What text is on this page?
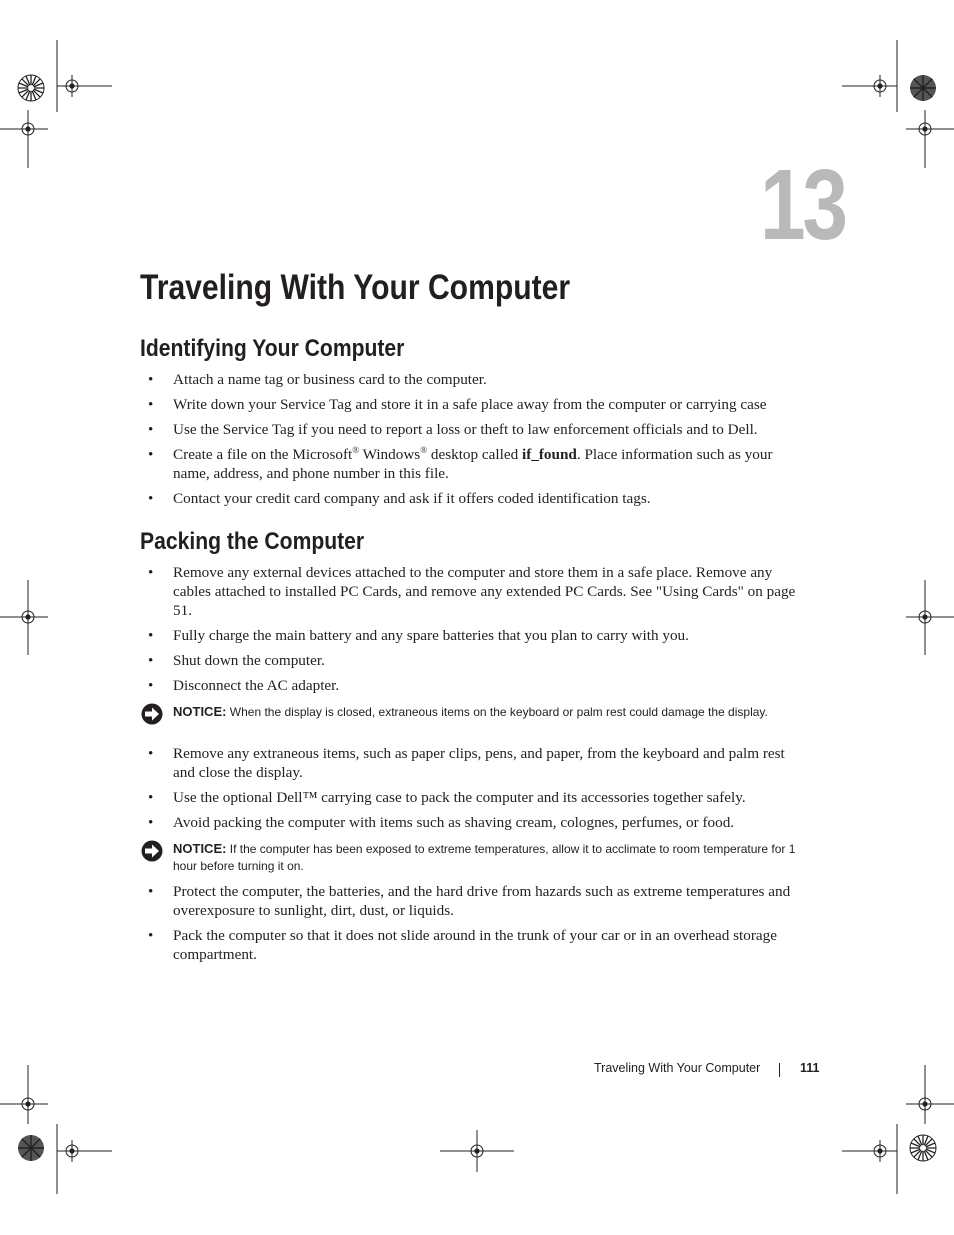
13
Traveling With Your Computer
Identifying Your Computer
• Attach a name tag or business card to the computer.
• Write down your Service Tag and store it in a safe place away from the computer or carrying case
• Use the Service Tag if you need to report a loss or theft to law enforcement officials and to Dell.
• Create a file on the Microsoft® Windows® desktop called if_found. Place information such as your name, address, and phone number in this file.
• Contact your credit card company and ask if it offers coded identification tags.
Packing the Computer
• Remove any external devices attached to the computer and store them in a safe place. Remove any cables attached to installed PC Cards, and remove any extended PC Cards. See "Using Cards" on page 51.
• Fully charge the main battery and any spare batteries that you plan to carry with you.
• Shut down the computer.
• Disconnect the AC adapter.
NOTICE: When the display is closed, extraneous items on the keyboard or palm rest could damage the display.
• Remove any extraneous items, such as paper clips, pens, and paper, from the keyboard and palm rest and close the display.
• Use the optional Dell™ carrying case to pack the computer and its accessories together safely.
• Avoid packing the computer with items such as shaving cream, colognes, perfumes, or food.
NOTICE: If the computer has been exposed to extreme temperatures, allow it to acclimate to room temperature for 1 hour before turning it on.
• Protect the computer, the batteries, and the hard drive from hazards such as extreme temperatures and overexposure to sunlight, dirt, dust, or liquids.
• Pack the computer so that it does not slide around in the trunk of your car or in an overhead storage compartment.
Traveling With Your Computer	111
